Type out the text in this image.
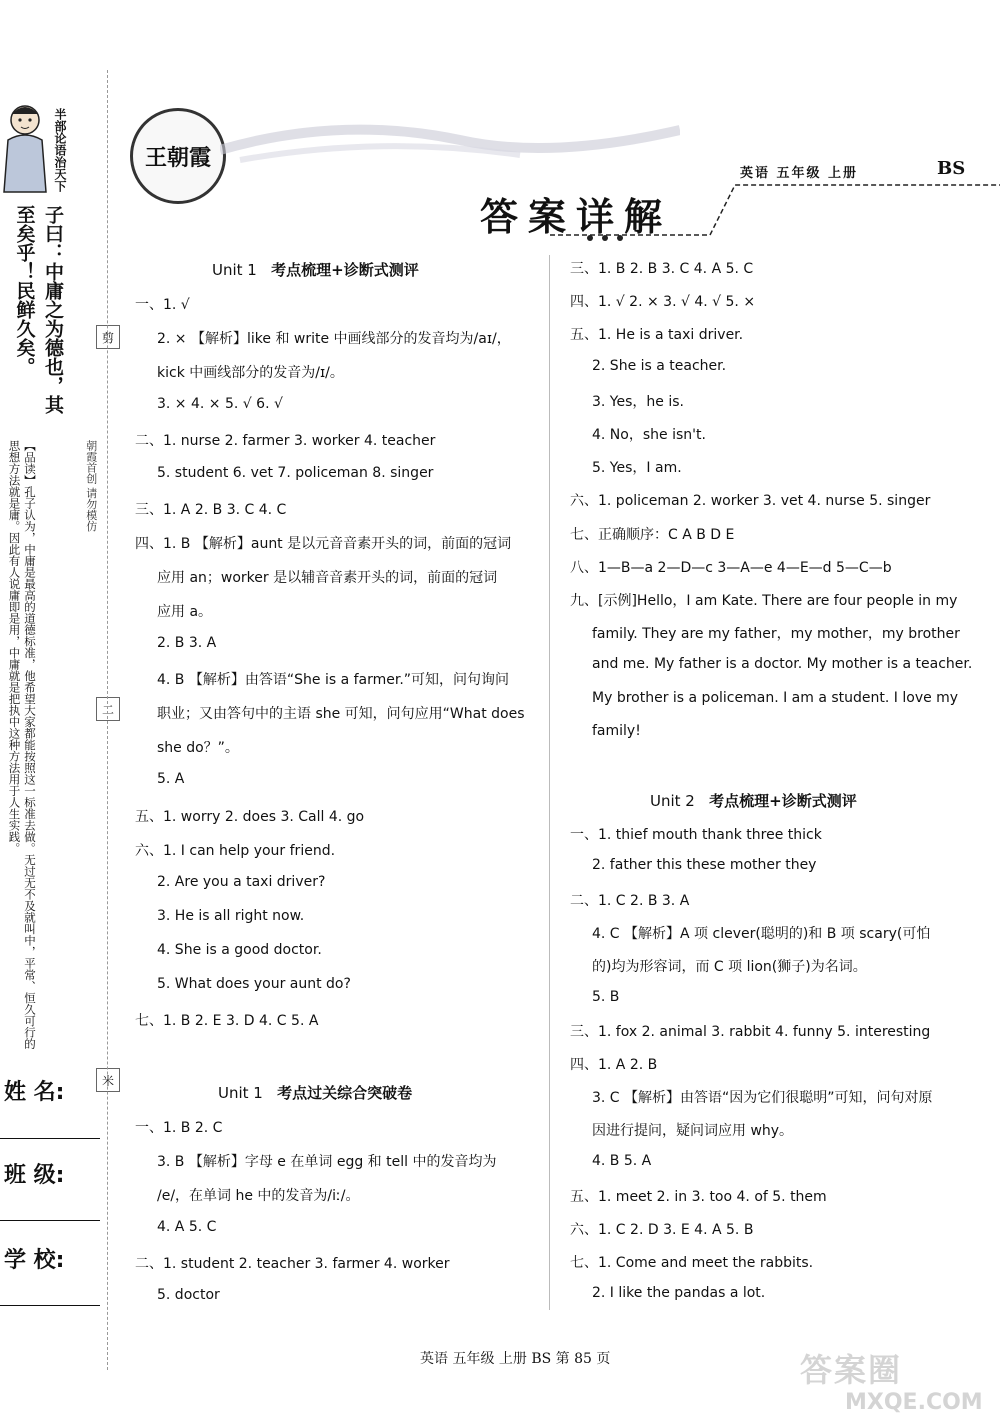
半部论语治天下
子曰：中庸之为德也，其至矣乎！民鲜久矣。
朝霞首创 请勿模仿
【品读】孔子认为，中庸是最高的道德标准，他希望大家都能按照这一标准去做。无过无不及就叫中，平常、恒久可行的思想方法就是庸。因此有人说庸即是用，中庸就是把执中这种方法用于人生实践。
剪
二
米
姓 名:
班 级:
学 校:
王朝霞
英语 五年级 上册	BS
答案详解
Unit 1 考点梳理+诊断式测评
一、1. √
2. × 【解析】like 和 write 中画线部分的发音均为/aɪ/，
kick 中画线部分的发音为/ɪ/。
3. × 4. × 5. √ 6. √
二、1. nurse 2. farmer 3. worker 4. teacher
5. student 6. vet 7. policeman 8. singer
三、1. A 2. B 3. C 4. C
四、1. B 【解析】aunt 是以元音音素开头的词，前面的冠词
应用 an；worker 是以辅音音素开头的词，前面的冠词
应用 a。
2. B 3. A
4. B 【解析】由答语“She is a farmer.”可知，问句询问
职业；又由答句中的主语 she 可知，问句应用“What does
she do？”。
5. A
五、1. worry 2. does 3. Call 4. go
六、1. I can help your friend.
2. Are you a taxi driver?
3. He is all right now.
4. She is a good doctor.
5. What does your aunt do?
七、1. B 2. E 3. D 4. C 5. A
Unit 1 考点过关综合突破卷
一、1. B 2. C
3. B 【解析】字母 e 在单词 egg 和 tell 中的发音均为
/e/，在单词 he 中的发音为/iː/。
4. A 5. C
二、1. student 2. teacher 3. farmer 4. worker
5. doctor
三、1. B 2. B 3. C 4. A 5. C
四、1. √ 2. × 3. √ 4. √ 5. ×
五、1. He is a taxi driver.
2. She is a teacher.
3. Yes，he is.
4. No，she isn't.
5. Yes，I am.
六、1. policeman 2. worker 3. vet 4. nurse 5. singer
七、正确顺序：C A B D E
八、1—B—a 2—D—c 3—A—e 4—E—d 5—C—b
九、[示例]Hello，I am Kate. There are four people in my
family. They are my father，my mother，my brother
and me. My father is a doctor. My mother is a teacher.
My brother is a policeman. I am a student. I love my
family!
Unit 2 考点梳理+诊断式测评
一、1. thief mouth thank three thick
2. father this these mother they
二、1. C 2. B 3. A
4. C 【解析】A 项 clever(聪明的)和 B 项 scary(可怕
的)均为形容词，而 C 项 lion(狮子)为名词。
5. B
三、1. fox 2. animal 3. rabbit 4. funny 5. interesting
四、1. A 2. B
3. C 【解析】由答语“因为它们很聪明”可知，问句对原
因进行提问，疑问词应用 why。
4. B 5. A
五、1. meet 2. in 3. too 4. of 5. them
六、1. C 2. D 3. E 4. A 5. B
七、1. Come and meet the rabbits.
2. I like the pandas a lot.
英语 五年级 上册 BS 第 85 页	答案圈
MXQE.COM
